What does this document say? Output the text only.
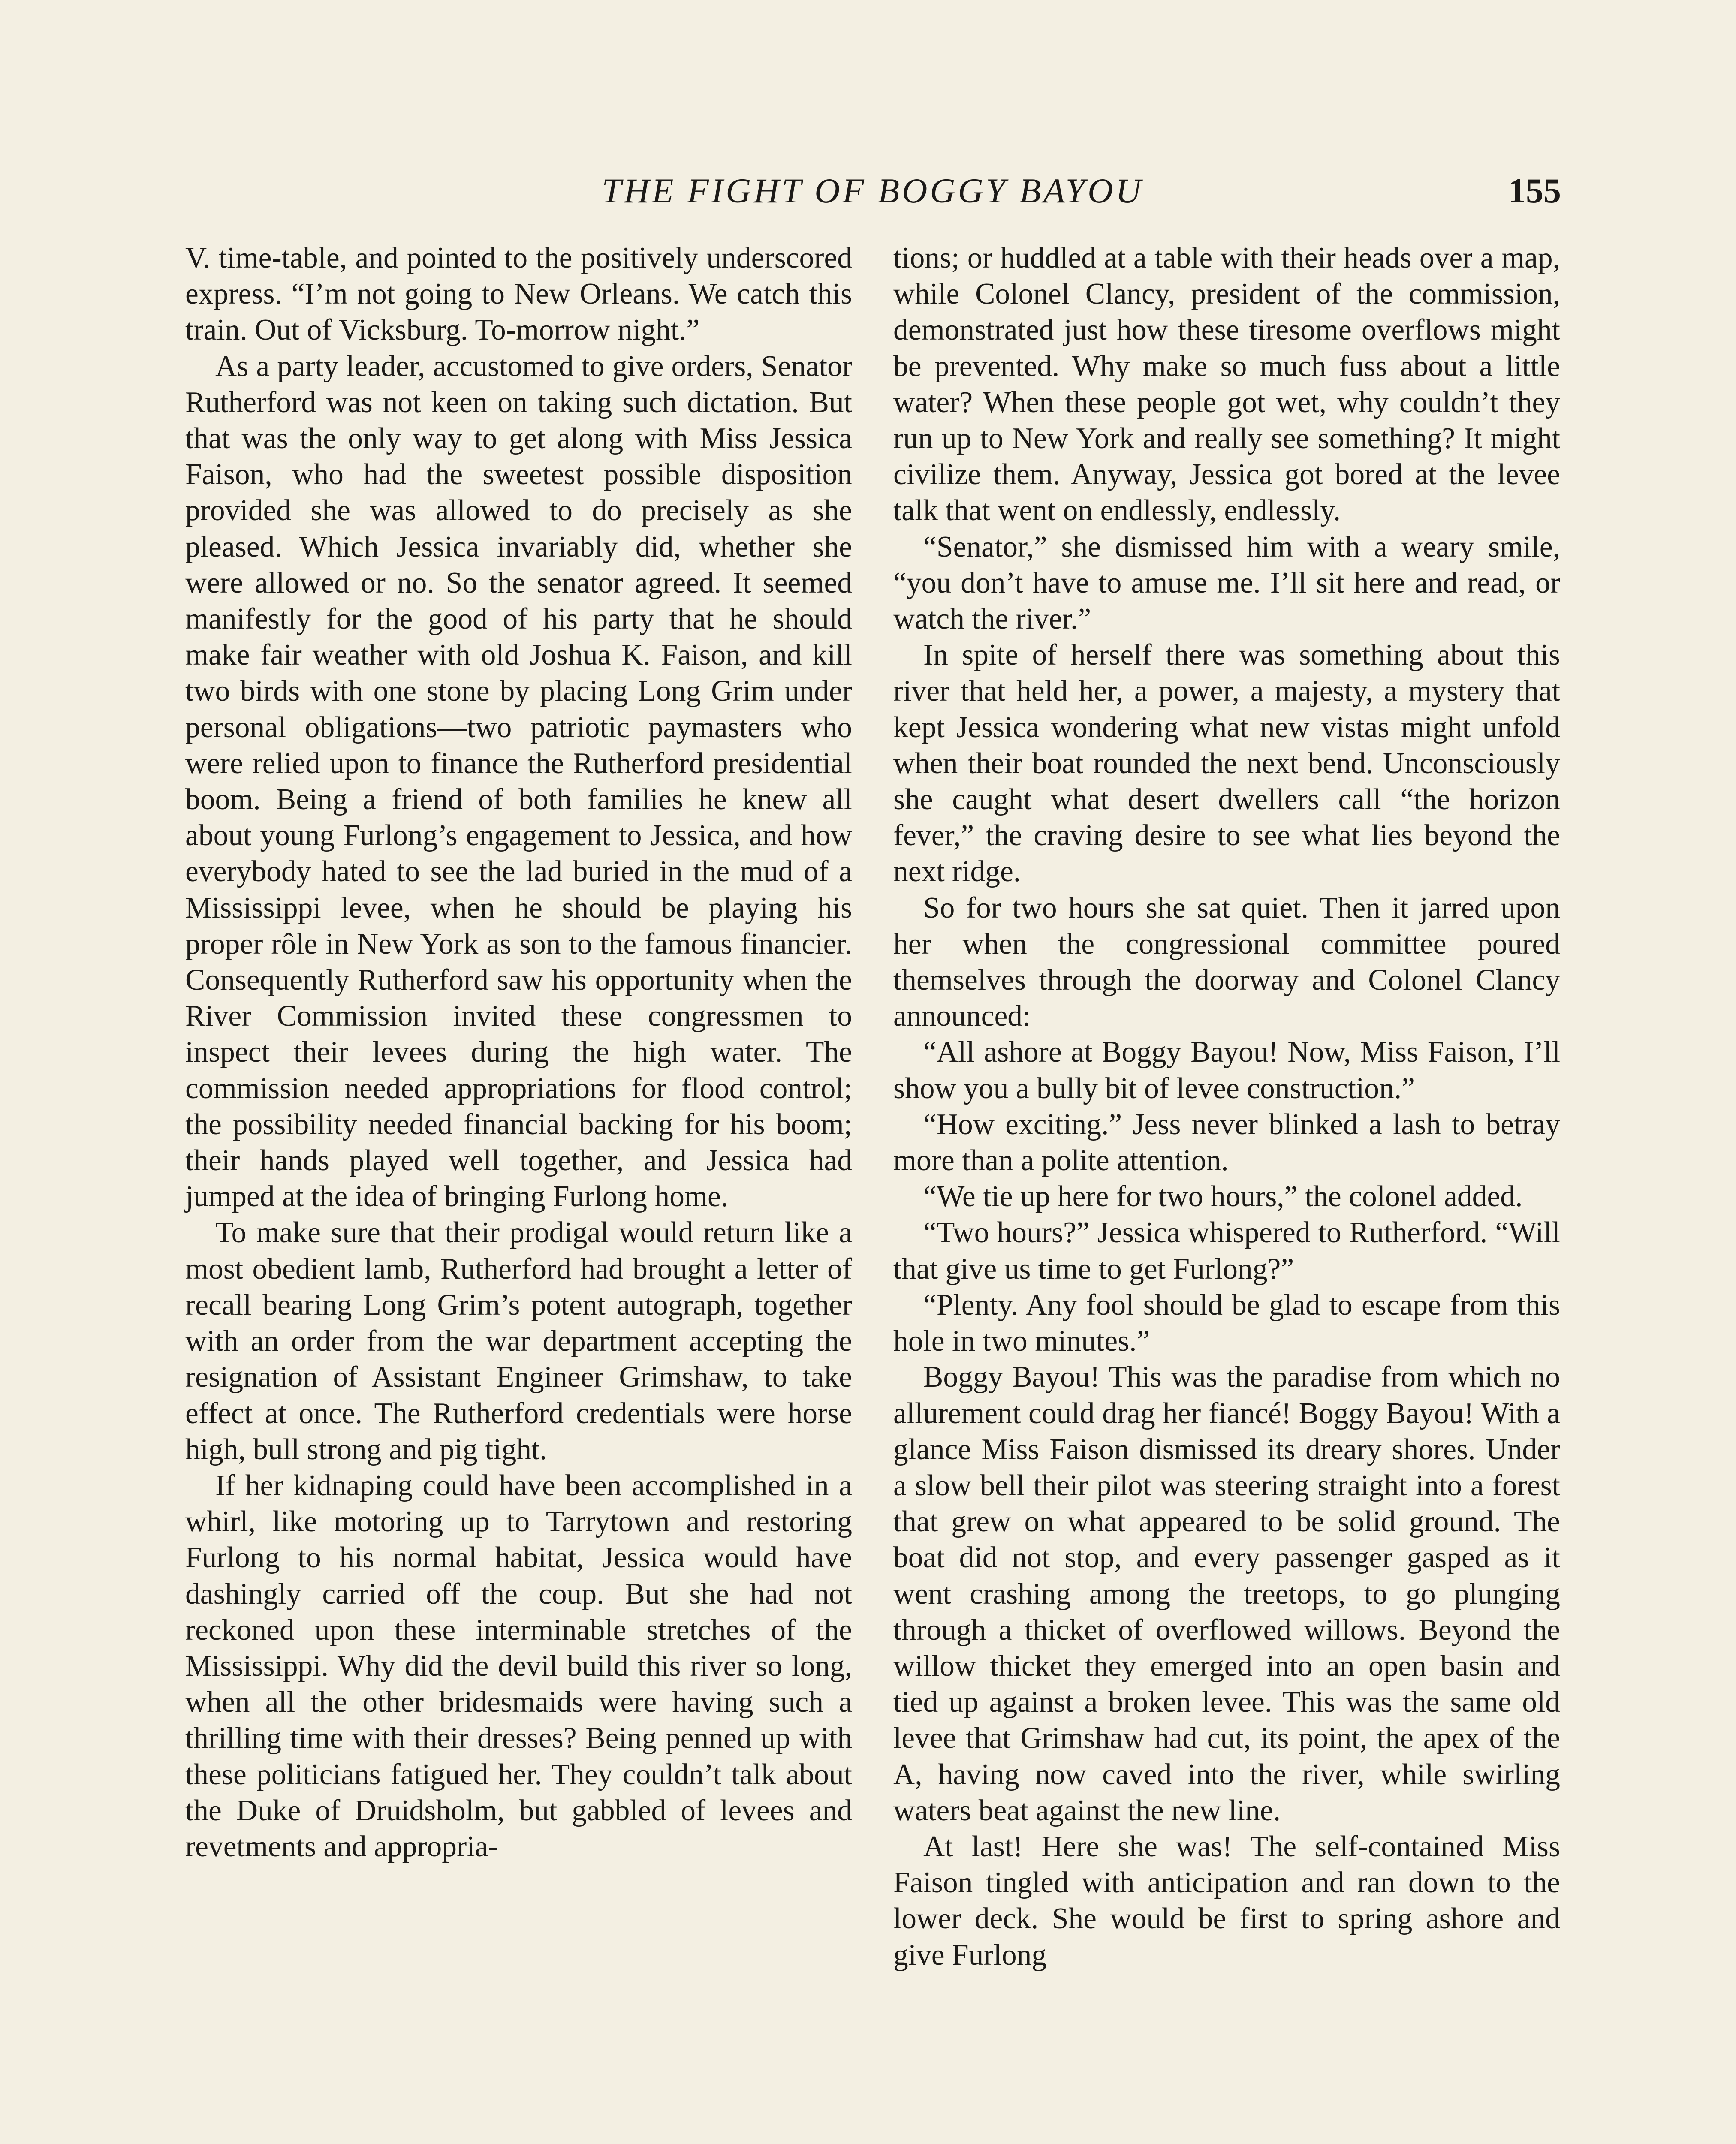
THE FIGHT OF BOGGY BAYOU	155

V. time-table, and pointed to the positively underscored express. “I’m not going to New Orleans. We catch this train. Out of Vicksburg. To-morrow night.”

As a party leader, accustomed to give orders, Senator Rutherford was not keen on taking such dictation. But that was the only way to get along with Miss Jessica Faison, who had the sweetest possible disposition provided she was allowed to do precisely as she pleased. Which Jessica invariably did, whether she were allowed or no. So the senator agreed. It seemed manifestly for the good of his party that he should make fair weather with old Joshua K. Faison, and kill two birds with one stone by placing Long Grim under personal obligations—two patriotic paymasters who were relied upon to finance the Rutherford presidential boom. Being a friend of both families he knew all about young Furlong’s engagement to Jessica, and how everybody hated to see the lad buried in the mud of a Mississippi levee, when he should be playing his proper rôle in New York as son to the famous financier. Consequently Rutherford saw his opportunity when the River Commission invited these congressmen to inspect their levees during the high water. The commission needed appropriations for flood control; the possibility needed financial backing for his boom; their hands played well together, and Jessica had jumped at the idea of bringing Furlong home.

To make sure that their prodigal would return like a most obedient lamb, Rutherford had brought a letter of recall bearing Long Grim’s potent autograph, together with an order from the war department accepting the resignation of Assistant Engineer Grimshaw, to take effect at once. The Rutherford credentials were horse high, bull strong and pig tight.

If her kidnaping could have been accomplished in a whirl, like motoring up to Tarrytown and restoring Furlong to his normal habitat, Jessica would have dashingly carried off the coup. But she had not reckoned upon these interminable stretches of the Mississippi. Why did the devil build this river so long, when all the other bridesmaids were having such a thrilling time with their dresses? Being penned up with these politicians fatigued her. They couldn’t talk about the Duke of Druidsholm, but gabbled of levees and revetments and appropria-

tions; or huddled at a table with their heads over a map, while Colonel Clancy, president of the commission, demonstrated just how these tiresome overflows might be prevented. Why make so much fuss about a little water? When these people got wet, why couldn’t they run up to New York and really see something? It might civilize them. Anyway, Jessica got bored at the levee talk that went on endlessly, endlessly.

“Senator,” she dismissed him with a weary smile, “you don’t have to amuse me. I’ll sit here and read, or watch the river.”

In spite of herself there was something about this river that held her, a power, a majesty, a mystery that kept Jessica wondering what new vistas might unfold when their boat rounded the next bend. Unconsciously she caught what desert dwellers call “the horizon fever,” the craving desire to see what lies beyond the next ridge.

So for two hours she sat quiet. Then it jarred upon her when the congressional committee poured themselves through the doorway and Colonel Clancy announced:

“All ashore at Boggy Bayou! Now, Miss Faison, I’ll show you a bully bit of levee construction.”

“How exciting.” Jess never blinked a lash to betray more than a polite attention.

“We tie up here for two hours,” the colonel added.

“Two hours?” Jessica whispered to Rutherford. “Will that give us time to get Furlong?”

“Plenty. Any fool should be glad to escape from this hole in two minutes.”

Boggy Bayou! This was the paradise from which no allurement could drag her fiancé! Boggy Bayou! With a glance Miss Faison dismissed its dreary shores. Under a slow bell their pilot was steering straight into a forest that grew on what appeared to be solid ground. The boat did not stop, and every passenger gasped as it went crashing among the treetops, to go plunging through a thicket of overflowed willows. Beyond the willow thicket they emerged into an open basin and tied up against a broken levee. This was the same old levee that Grimshaw had cut, its point, the apex of the A, having now caved into the river, while swirling waters beat against the new line.

At last! Here she was! The self-contained Miss Faison tingled with anticipation and ran down to the lower deck. She would be first to spring ashore and give Furlong
